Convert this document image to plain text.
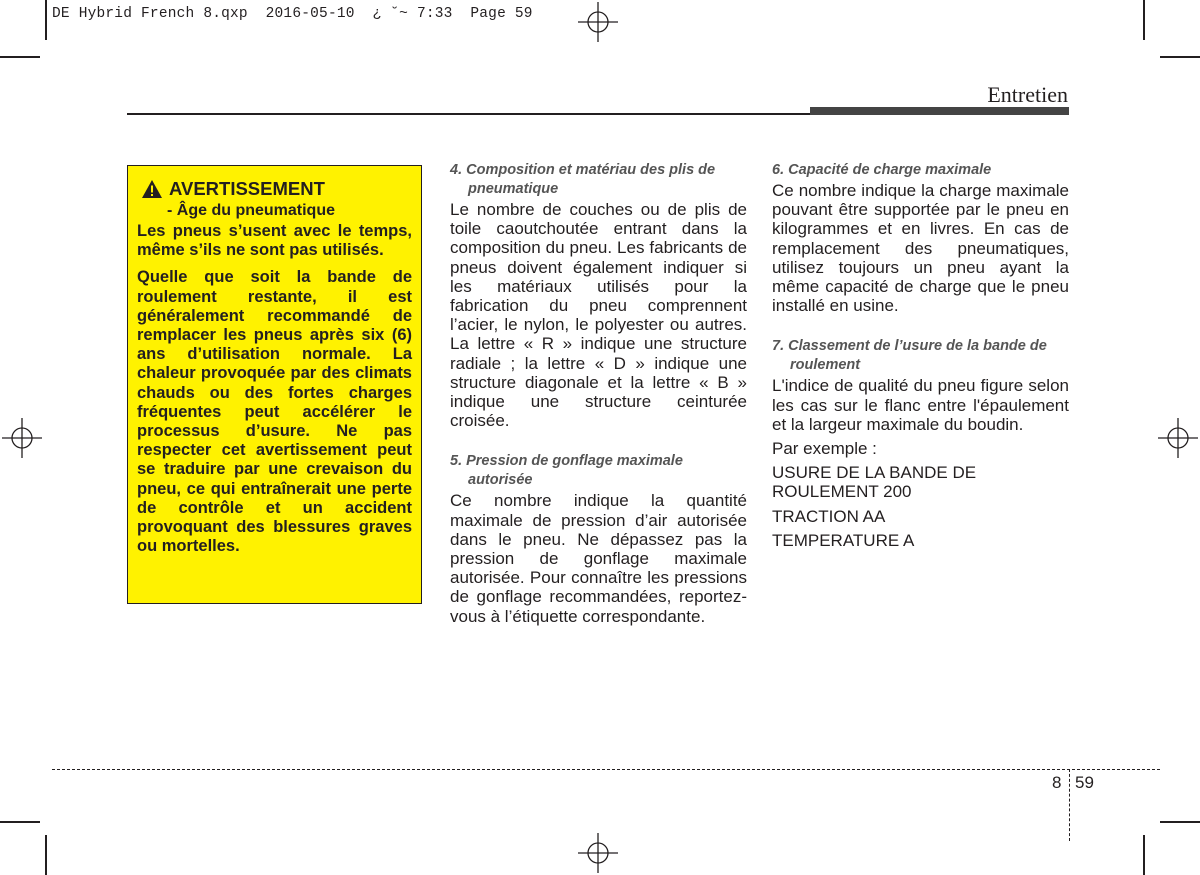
DE Hybrid French 8.qxp  2016-05-10  ¿ ˘~ 7:33  Page 59
Entretien
AVERTISSEMENT
- Âge du pneumatique

Les pneus s’usent avec le temps, même s’ils ne sont pas utilisés.

Quelle que soit la bande de roulement restante, il est généralement recommandé de remplacer les pneus après six (6) ans d’utilisation normale. La chaleur provoquée par des climats chauds ou des fortes charges fréquentes peut accélérer le processus d’usure. Ne pas respecter cet avertissement peut se traduire par une crevaison du pneu, ce qui entraînerait une perte de contrôle et un accident provoquant des blessures graves ou mortelles.

4. Composition et matériau des plis de pneumatique
Le nombre de couches ou de plis de toile caoutchoutée entrant dans la composition du pneu. Les fabricants de pneus doivent également indiquer si les matériaux utilisés pour la fabrication du pneu comprennent l’acier, le nylon, le polyester ou autres. La lettre « R » indique une structure radiale ; la lettre « D » indique une structure diagonale et la lettre « B » indique une structure ceinturée croisée.
5. Pression de gonflage maximale autorisée
Ce nombre indique la quantité maximale de pression d’air autorisée dans le pneu. Ne dépassez pas la pression de gonflage maximale autorisée. Pour connaître les pressions de gonflage recommandées, reportez-vous à l’étiquette correspondante.
6. Capacité de charge maximale
Ce nombre indique la charge maximale pouvant être supportée par le pneu en kilogrammes et en livres. En cas de remplacement des pneumatiques, utilisez toujours un pneu ayant la même capacité de charge que le pneu installé en usine.
7. Classement de l’usure de la bande de roulement
L'indice de qualité du pneu figure selon les cas sur le flanc entre l'épaulement et la largeur maximale du boudin.
Par exemple :
USURE DE LA BANDE DE ROULEMENT 200
TRACTION AA
TEMPERATURE A
8 59
